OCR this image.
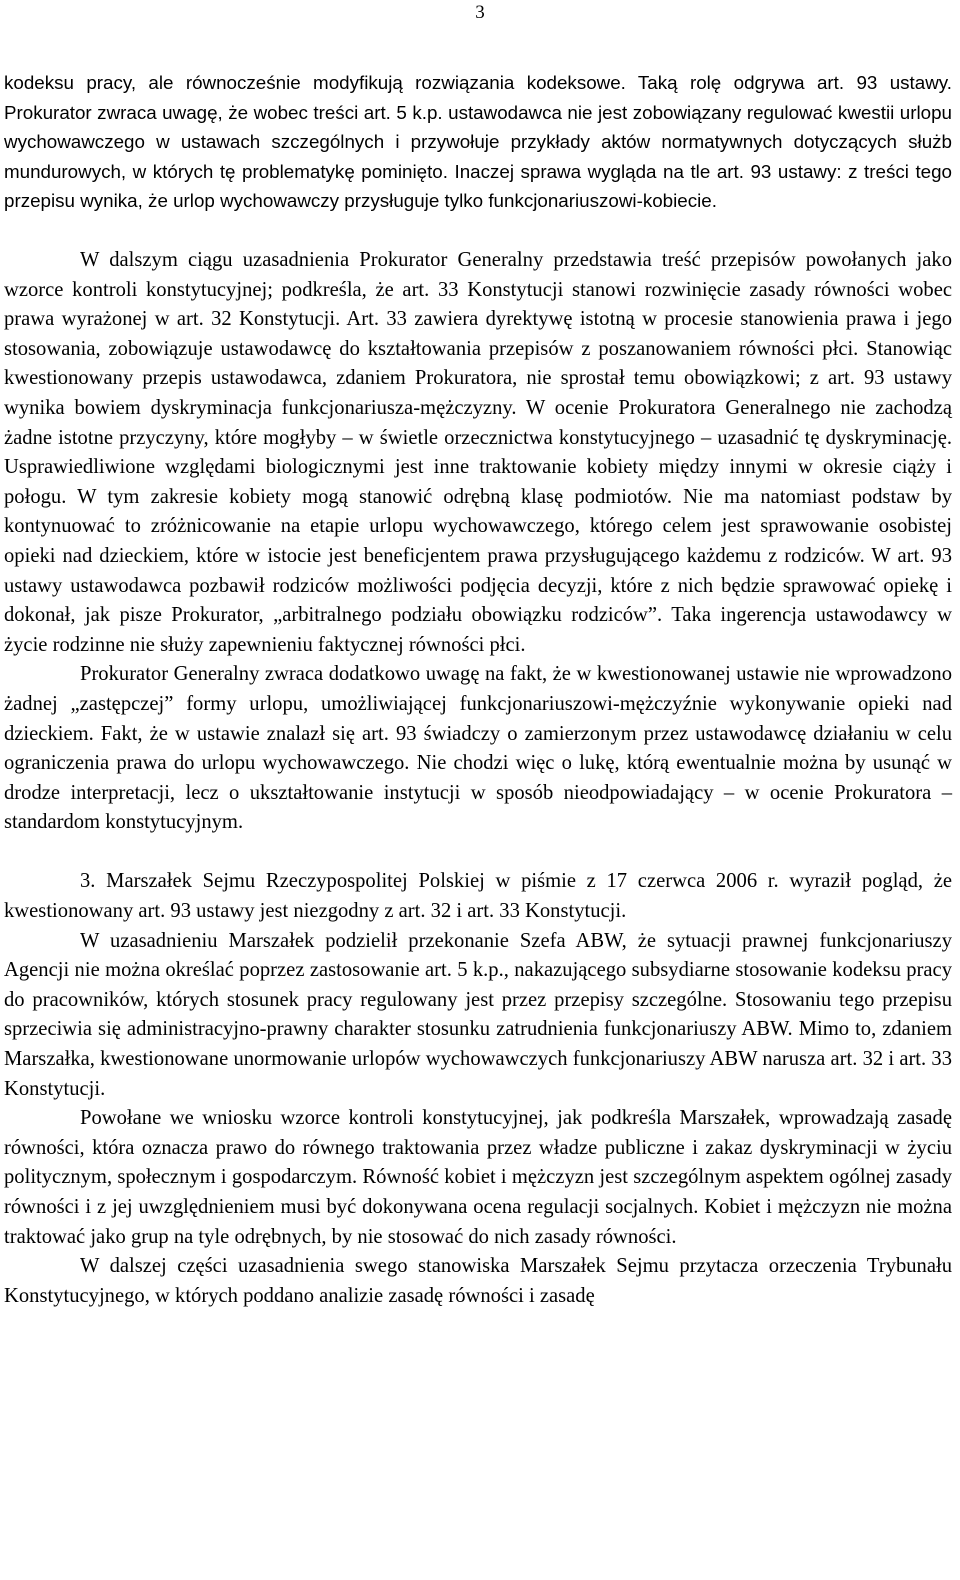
3

kodeksu pracy, ale równocześnie modyfikują rozwiązania kodeksowe. Taką rolę odgrywa art. 93 ustawy. Prokurator zwraca uwagę, że wobec treści art. 5 k.p. ustawodawca nie jest zobowiązany regulować kwestii urlopu wychowawczego w ustawach szczególnych i przywołuje przykłady aktów normatywnych dotyczących służb mundurowych, w których tę problematykę pominięto. Inaczej sprawa wygląda na tle art. 93 ustawy: z treści tego przepisu wynika, że urlop wychowawczy przysługuje tylko funkcjonariuszowi-kobiecie.

W dalszym ciągu uzasadnienia Prokurator Generalny przedstawia treść przepisów powołanych jako wzorce kontroli konstytucyjnej; podkreśla, że art. 33 Konstytucji stanowi rozwinięcie zasady równości wobec prawa wyrażonej w art. 32 Konstytucji. Art. 33 zawiera dyrektywę istotną w procesie stanowienia prawa i jego stosowania, zobowiązuje ustawodawcę do kształtowania przepisów z poszanowaniem równości płci. Stanowiąc kwestionowany przepis ustawodawca, zdaniem Prokuratora, nie sprostał temu obowiązkowi; z art. 93 ustawy wynika bowiem dyskryminacja funkcjonariusza-mężczyzny. W ocenie Prokuratora Generalnego nie zachodzą żadne istotne przyczyny, które mogłyby – w świetle orzecznictwa konstytucyjnego – uzasadnić tę dyskryminację. Usprawiedliwione względami biologicznymi jest inne traktowanie kobiety między innymi w okresie ciąży i połogu. W tym zakresie kobiety mogą stanowić odrębną klasę podmiotów. Nie ma natomiast podstaw by kontynuować to zróżnicowanie na etapie urlopu wychowawczego, którego celem jest sprawowanie osobistej opieki nad dzieckiem, które w istocie jest beneficjentem prawa przysługującego każdemu z rodziców. W art. 93 ustawy ustawodawca pozbawił rodziców możliwości podjęcia decyzji, które z nich będzie sprawować opiekę i dokonał, jak pisze Prokurator, „arbitralnego podziału obowiązku rodziców”. Taka ingerencja ustawodawcy w życie rodzinne nie służy zapewnieniu faktycznej równości płci.

Prokurator Generalny zwraca dodatkowo uwagę na fakt, że w kwestionowanej ustawie nie wprowadzono żadnej „zastępczej” formy urlopu, umożliwiającej funkcjonariuszowi-mężczyźnie wykonywanie opieki nad dzieckiem. Fakt, że w ustawie znalazł się art. 93 świadczy o zamierzonym przez ustawodawcę działaniu w celu ograniczenia prawa do urlopu wychowawczego. Nie chodzi więc o lukę, którą ewentualnie można by usunąć w drodze interpretacji, lecz o ukształtowanie instytucji w sposób nieodpowiadający – w ocenie Prokuratora – standardom konstytucyjnym.

3. Marszałek Sejmu Rzeczypospolitej Polskiej w piśmie z 17 czerwca 2006 r. wyraził pogląd, że kwestionowany art. 93 ustawy jest niezgodny z art. 32 i art. 33 Konstytucji.

W uzasadnieniu Marszałek podzielił przekonanie Szefa ABW, że sytuacji prawnej funkcjonariuszy Agencji nie można określać poprzez zastosowanie art. 5 k.p., nakazującego subsydiarne stosowanie kodeksu pracy do pracowników, których stosunek pracy regulowany jest przez przepisy szczególne. Stosowaniu tego przepisu sprzeciwia się administracyjno-prawny charakter stosunku zatrudnienia funkcjonariuszy ABW. Mimo to, zdaniem Marszałka, kwestionowane unormowanie urlopów wychowawczych funkcjonariuszy ABW narusza art. 32 i art. 33 Konstytucji.

Powołane we wniosku wzorce kontroli konstytucyjnej, jak podkreśla Marszałek, wprowadzają zasadę równości, która oznacza prawo do równego traktowania przez władze publiczne i zakaz dyskryminacji w życiu politycznym, społecznym i gospodarczym. Równość kobiet i mężczyzn jest szczególnym aspektem ogólnej zasady równości i z jej uwzględnieniem musi być dokonywana ocena regulacji socjalnych. Kobiet i mężczyzn nie można traktować jako grup na tyle odrębnych, by nie stosować do nich zasady równości.

W dalszej części uzasadnienia swego stanowiska Marszałek Sejmu przytacza orzeczenia Trybunału Konstytucyjnego, w których poddano analizie zasadę równości i zasadę
